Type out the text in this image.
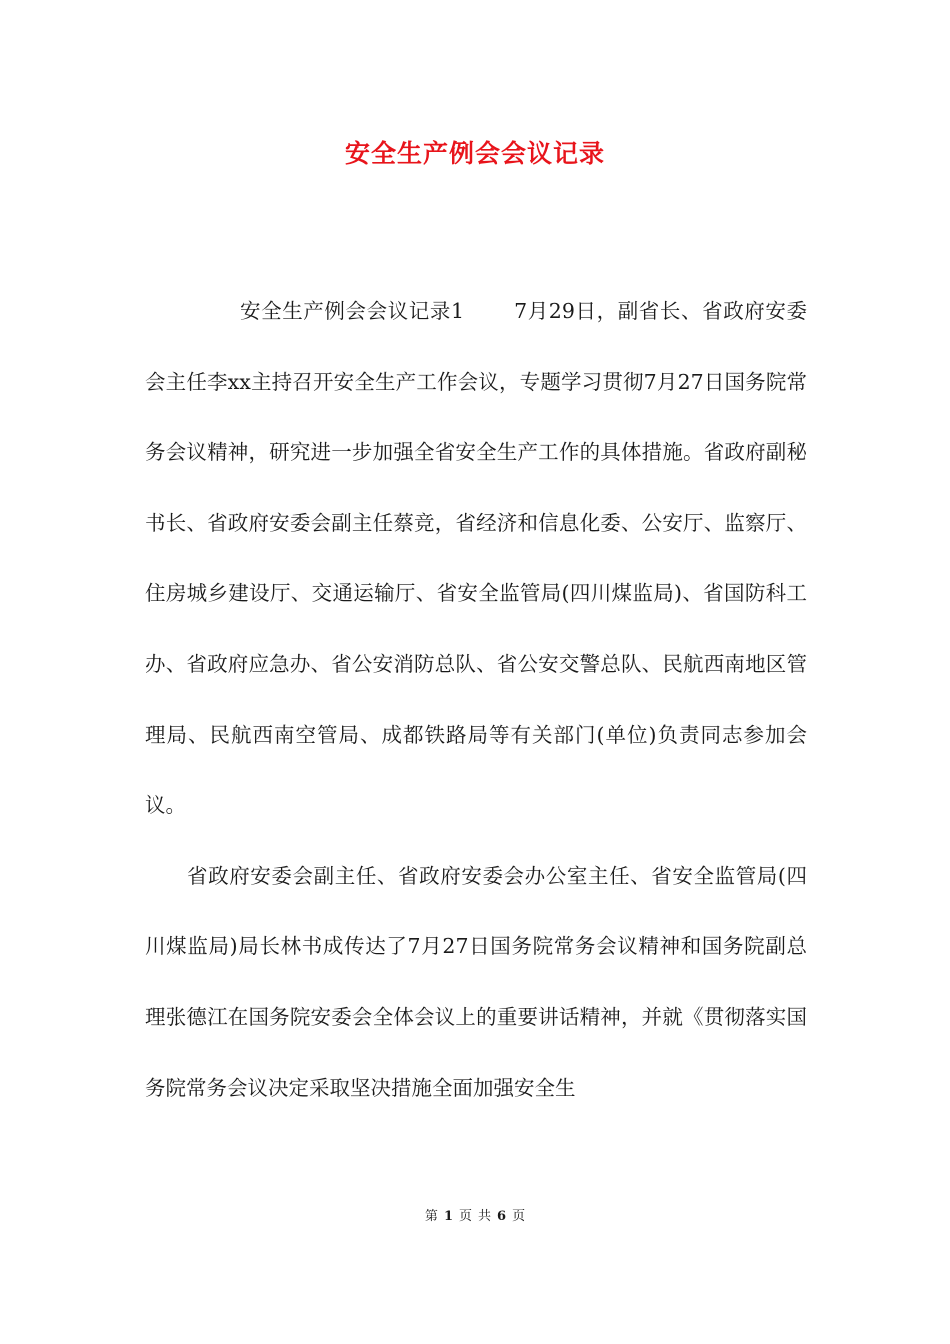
安全生产例会会议记录

安全生产例会会议记录1 7月29日，副省长、省政府安委会主任李xx主持召开安全生产工作会议，专题学习贯彻7月27日国务院常务会议精神，研究进一步加强全省安全生产工作的具体措施。省政府副秘书长、省政府安委会副主任蔡竞，省经济和信息化委、公安厅、监察厅、住房城乡建设厅、交通运输厅、省安全监管局(四川煤监局)、省国防科工办、省政府应急办、省公安消防总队、省公安交警总队、民航西南地区管理局、民航西南空管局、成都铁路局等有关部门(单位)负责同志参加会议。

省政府安委会副主任、省政府安委会办公室主任、省安全监管局(四川煤监局)局长林书成传达了7月27日国务院常务会议精神和国务院副总理张德江在国务院安委会全体会议上的重要讲话精神，并就《贯彻落实国务院常务会议决定采取坚决措施全面加强安全生

第 1 页 共 6 页
